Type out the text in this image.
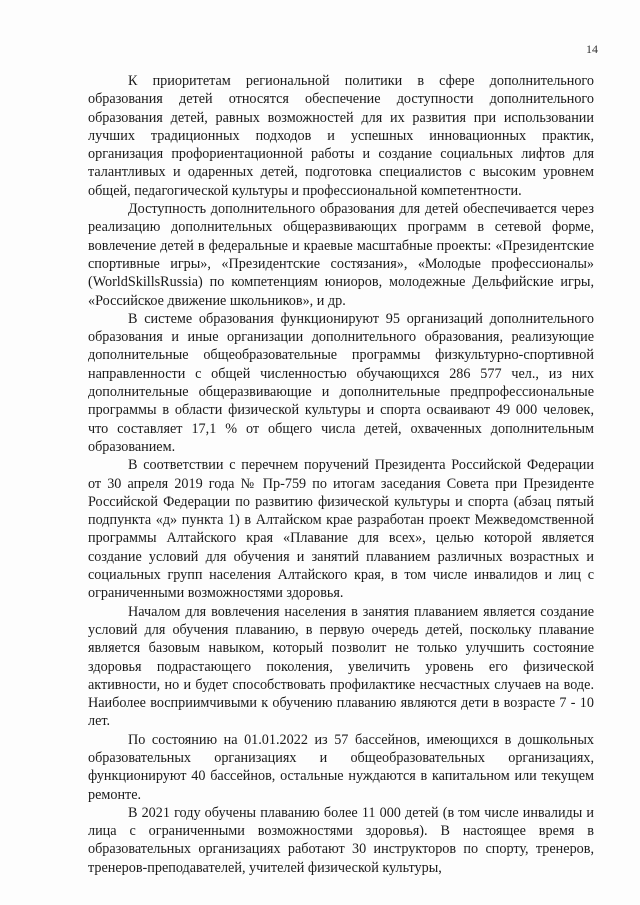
14

К приоритетам региональной политики в сфере дополнительного образования детей относятся обеспечение доступности дополнительного образования детей, равных возможностей для их развития при использовании лучших традиционных подходов и успешных инновационных практик, организация профориентационной работы и создание социальных лифтов для талантливых и одаренных детей, подготовка специалистов с высоким уровнем общей, педагогической культуры и профессиональной компетентности.

Доступность дополнительного образования для детей обеспечивается через реализацию дополнительных общеразвивающих программ в сетевой форме, вовлечение детей в федеральные и краевые масштабные проекты: «Президентские спортивные игры», «Президентские состязания», «Молодые профессионалы» (WorldSkillsRussia) по компетенциям юниоров, молодежные Дельфийские игры, «Российское движение школьников», и др.

В системе образования функционируют 95 организаций дополнительного образования и иные организации дополнительного образования, реализующие дополнительные общеобразовательные программы физкультурно-спортивной направленности с общей численностью обучающихся 286 577 чел., из них дополнительные общеразвивающие и дополнительные предпрофессиональные программы в области физической культуры и спорта осваивают 49 000 человек, что составляет 17,1 % от общего числа детей, охваченных дополнительным образованием.

В соответствии с перечнем поручений Президента Российской Федерации от 30 апреля 2019 года № Пр-759 по итогам заседания Совета при Президенте Российской Федерации по развитию физической культуры и спорта (абзац пятый подпункта «д» пункта 1) в Алтайском крае разработан проект Межведомственной программы Алтайского края «Плавание для всех», целью которой является создание условий для обучения и занятий плаванием различных возрастных и социальных групп населения Алтайского края, в том числе инвалидов и лиц с ограниченными возможностями здоровья.

Началом для вовлечения населения в занятия плаванием является создание условий для обучения плаванию, в первую очередь детей, поскольку плавание является базовым навыком, который позволит не только улучшить состояние здоровья подрастающего поколения, увеличить уровень его физической активности, но и будет способствовать профилактике несчастных случаев на воде. Наиболее восприимчивыми к обучению плаванию являются дети в возрасте 7 - 10 лет.

По состоянию на 01.01.2022 из 57 бассейнов, имеющихся в дошкольных образовательных организациях и общеобразовательных организациях, функционируют 40 бассейнов, остальные нуждаются в капитальном или текущем ремонте.

В 2021 году обучены плаванию более 11 000 детей (в том числе инвалиды и лица с ограниченными возможностями здоровья). В настоящее время в образовательных организациях работают 30 инструкторов по спорту, тренеров, тренеров-преподавателей, учителей физической культуры,
